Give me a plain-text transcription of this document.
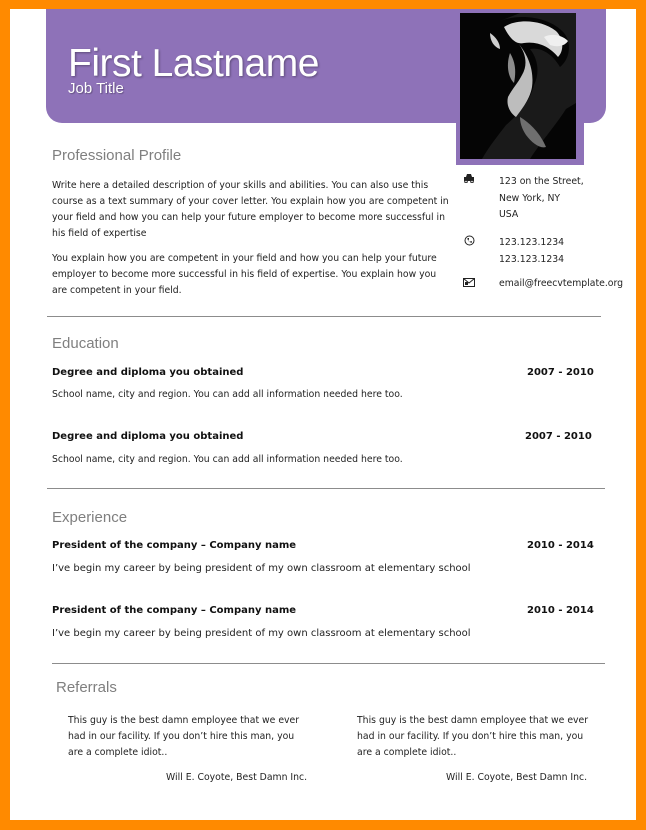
First Lastname
Job Title
Professional Profile
Write here a detailed description of your skills and abilities. You can also use this
course as a text summary of your cover letter. You explain how you are competent in
your field and how you can help your future employer to become more successful in
his field of expertise
You explain how you are competent in your field and how you can help your future
employer to become more successful in his field of expertise. You explain how you
are competent in your field.
123 on the Street,
New York, NY
USA
123.123.1234
123.123.1234
email@freecvtemplate.org
Education
Degree and diploma you obtained	2007 - 2010
School name, city and region. You can add all information needed here too.
Degree and diploma you obtained	2007 - 2010
School name, city and region. You can add all information needed here too.
Experience
President of the company – Company name	2010 - 2014
I’ve begin my career by being president of my own classroom at elementary school
President of the company – Company name	2010 - 2014
I’ve begin my career by being president of my own classroom at elementary school
Referrals
This guy is the best damn employee that we ever
had in our facility. If you don’t hire this man, you
are a complete idiot..
Will E. Coyote, Best Damn Inc.
This guy is the best damn employee that we ever
had in our facility. If you don’t hire this man, you
are a complete idiot..
Will E. Coyote, Best Damn Inc.
